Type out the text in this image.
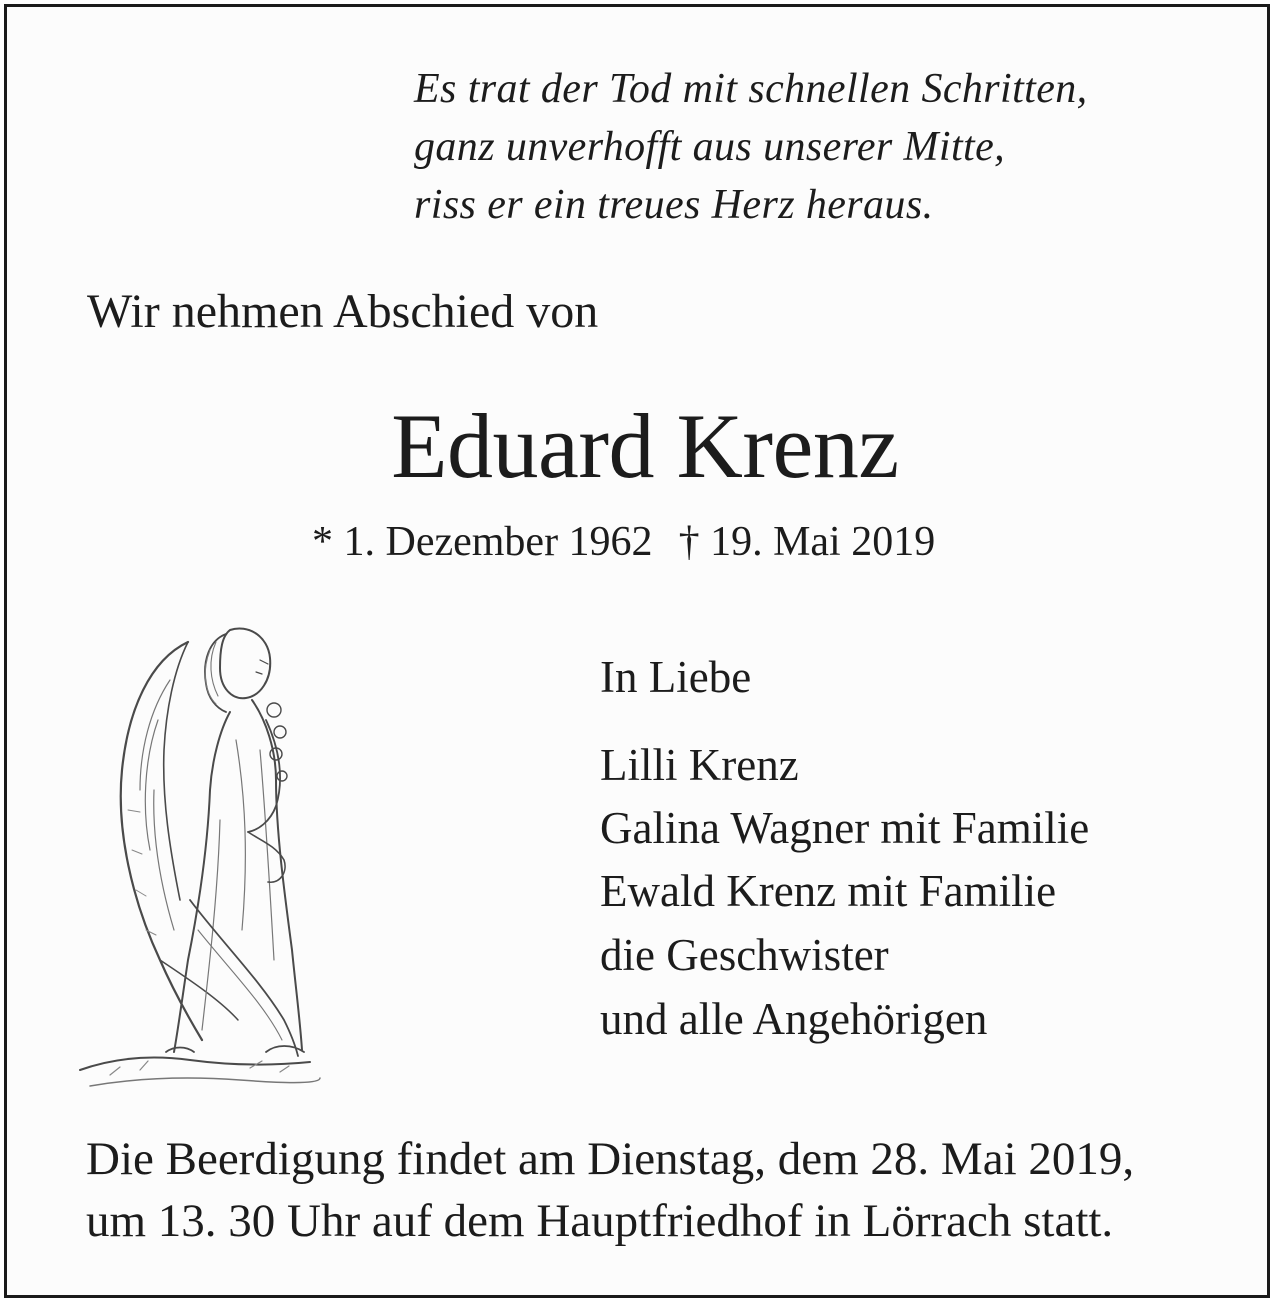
Es trat der Tod mit schnellen Schritten,
ganz unverhofft aus unserer Mitte,
riss er ein treues Herz heraus.
Wir nehmen Abschied von
Eduard Krenz
* 1. Dezember 1962 † 19. Mai 2019
In Liebe
Lilli Krenz
Galina Wagner mit Familie
Ewald Krenz mit Familie
die Geschwister
und alle Angehörigen
Die Beerdigung findet am Dienstag, dem 28. Mai 2019,
um 13. 30 Uhr auf dem Hauptfriedhof in Lörrach statt.
